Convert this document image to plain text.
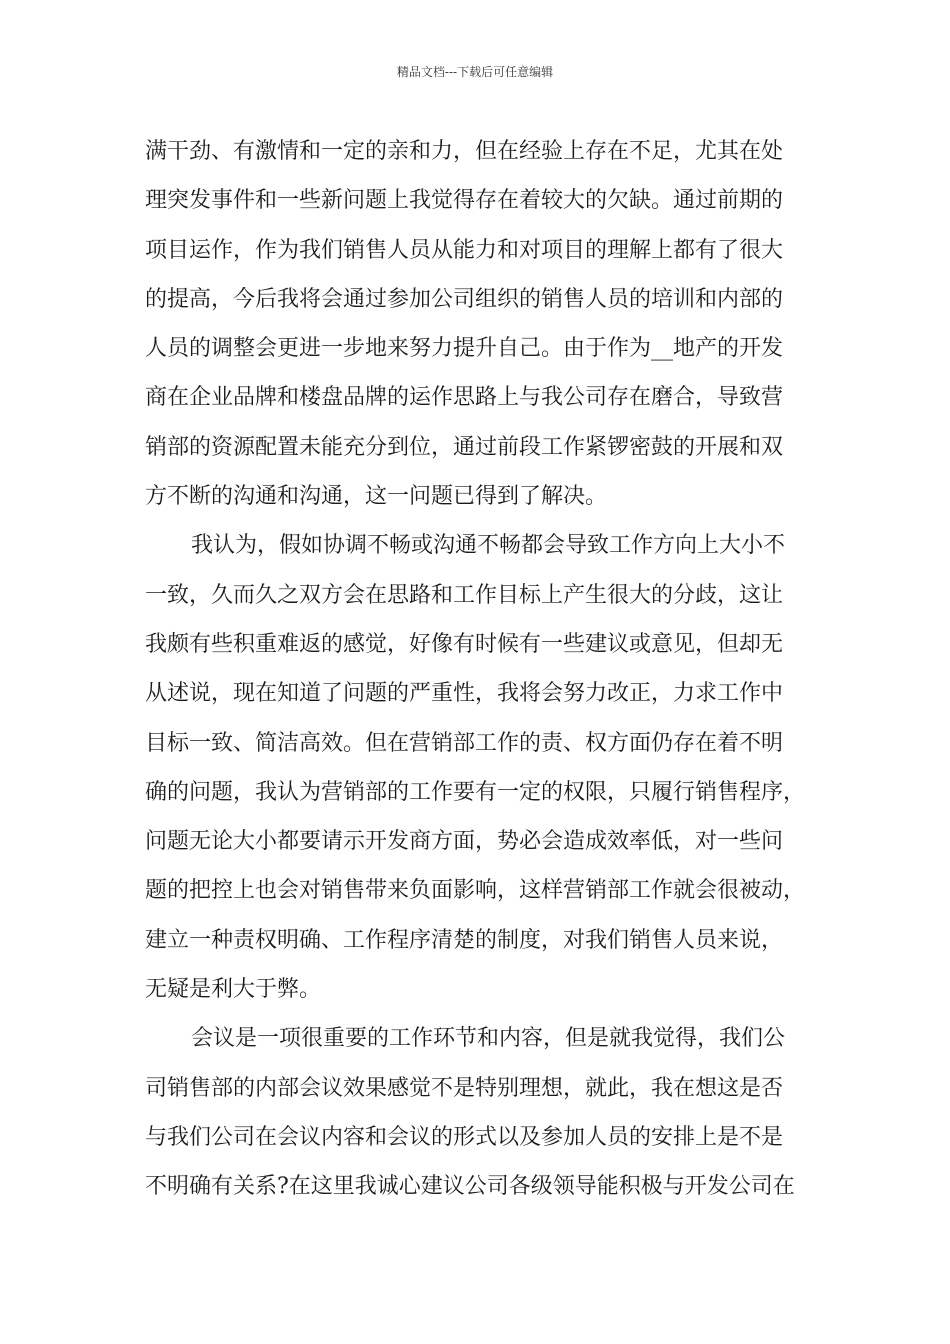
精品文档---下载后可任意编辑
满干劲、有激情和一定的亲和力，但在经验上存在不足，尤其在处
理突发事件和一些新问题上我觉得存在着较大的欠缺。通过前期的
项目运作，作为我们销售人员从能力和对项目的理解上都有了很大
的提高，今后我将会通过参加公司组织的销售人员的培训和内部的
人员的调整会更进一步地来努力提升自己。由于作为__地产的开发
商在企业品牌和楼盘品牌的运作思路上与我公司存在磨合，导致营
销部的资源配置未能充分到位，通过前段工作紧锣密鼓的开展和双
方不断的沟通和沟通，这一问题已得到了解决。
我认为，假如协调不畅或沟通不畅都会导致工作方向上大小不
一致，久而久之双方会在思路和工作目标上产生很大的分歧，这让
我颇有些积重难返的感觉，好像有时候有一些建议或意见，但却无
从述说，现在知道了问题的严重性，我将会努力改正，力求工作中
目标一致、简洁高效。但在营销部工作的责、权方面仍存在着不明
确的问题，我认为营销部的工作要有一定的权限，只履行销售程序，
问题无论大小都要请示开发商方面，势必会造成效率低，对一些问
题的把控上也会对销售带来负面影响，这样营销部工作就会很被动，
建立一种责权明确、工作程序清楚的制度，对我们销售人员来说，
无疑是利大于弊。
会议是一项很重要的工作环节和内容，但是就我觉得，我们公
司销售部的内部会议效果感觉不是特别理想，就此，我在想这是否
与我们公司在会议内容和会议的形式以及参加人员的安排上是不是
不明确有关系?在这里我诚心建议公司各级领导能积极与开发公司在
